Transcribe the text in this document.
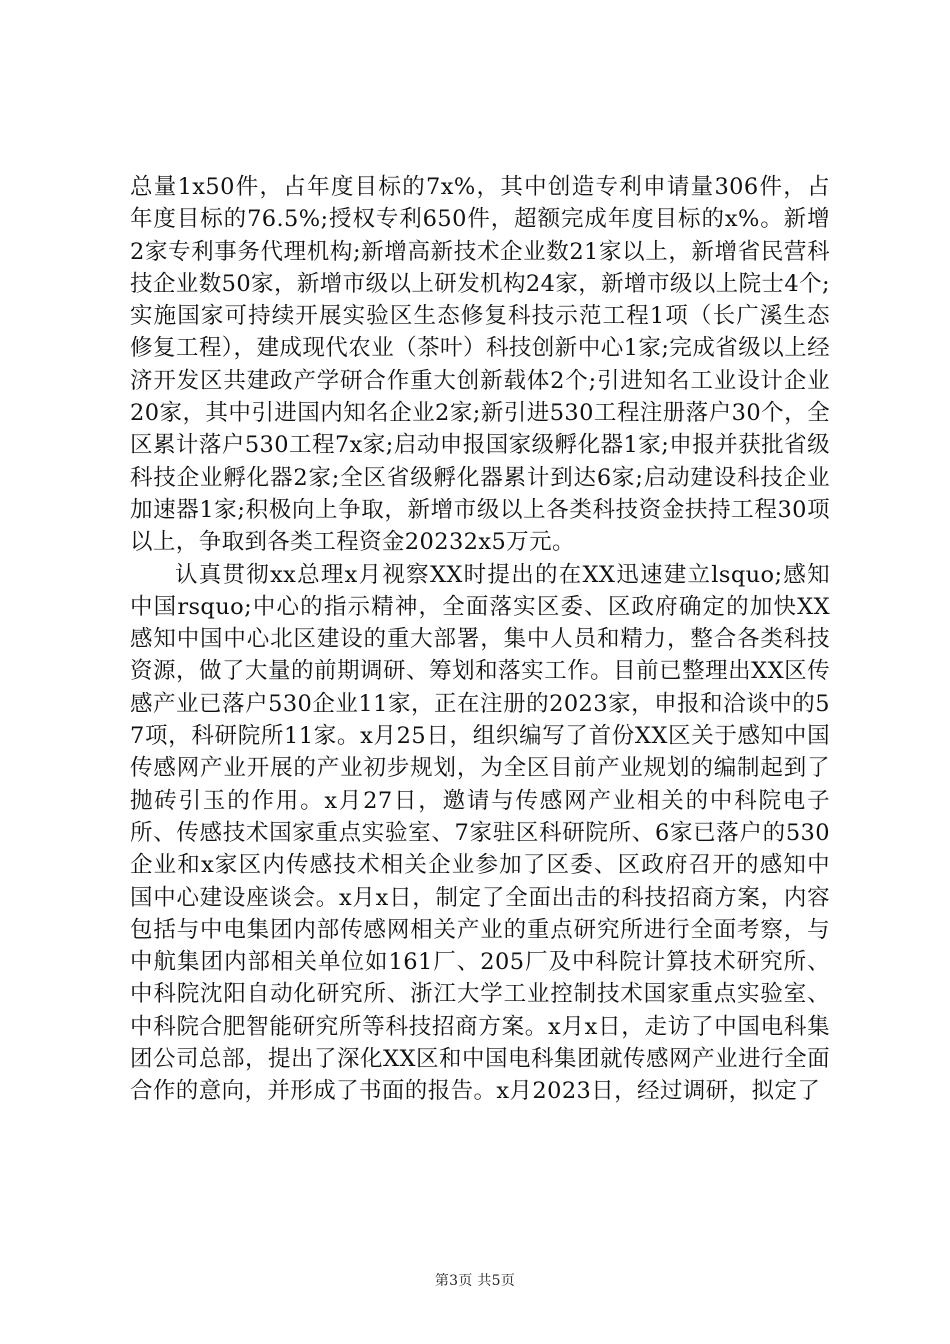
总量1x50件，占年度目标的7x%，其中创造专利申请量306件，占年度目标的76.5%;授权专利650件，超额完成年度目标的x%。新增2家专利事务代理机构;新增高新技术企业数21家以上，新增省民营科技企业数50家，新增市级以上研发机构24家，新增市级以上院士4个;实施国家可持续开展实验区生态修复科技示范工程1项（长广溪生态修复工程），建成现代农业（茶叶）科技创新中心1家;完成省级以上经济开发区共建政产学研合作重大创新载体2个;引进知名工业设计企业20家，其中引进国内知名企业2家;新引进530工程注册落户30个，全区累计落户530工程7x家;启动申报国家级孵化器1家;申报并获批省级科技企业孵化器2家;全区省级孵化器累计到达6家;启动建设科技企业加速器1家;积极向上争取，新增市级以上各类科技资金扶持工程30项以上，争取到各类工程资金20232x5万元。

认真贯彻xx总理x月视察XX时提出的在XX迅速建立lsquo;感知中国rsquo;中心的指示精神，全面落实区委、区政府确定的加快XX感知中国中心北区建设的重大部署，集中人员和精力，整合各类科技资源，做了大量的前期调研、筹划和落实工作。目前已整理出XX区传感产业已落户530企业11家，正在注册的2023家，申报和洽谈中的57项，科研院所11家。x月25日，组织编写了首份XX区关于感知中国传感网产业开展的产业初步规划，为全区目前产业规划的编制起到了抛砖引玉的作用。x月27日，邀请与传感网产业相关的中科院电子所、传感技术国家重点实验室、7家驻区科研院所、6家已落户的530企业和x家区内传感技术相关企业参加了区委、区政府召开的感知中国中心建设座谈会。x月x日，制定了全面出击的科技招商方案，内容包括与中电集团内部传感网相关产业的重点研究所进行全面考察，与中航集团内部相关单位如161厂、205厂及中科院计算技术研究所、中科院沈阳自动化研究所、浙江大学工业控制技术国家重点实验室、中科院合肥智能研究所等科技招商方案。x月x日，走访了中国电科集团公司总部，提出了深化XX区和中国电科集团就传感网产业进行全面合作的意向，并形成了书面的报告。x月2023日，经过调研，拟定了

第3页 共5页
